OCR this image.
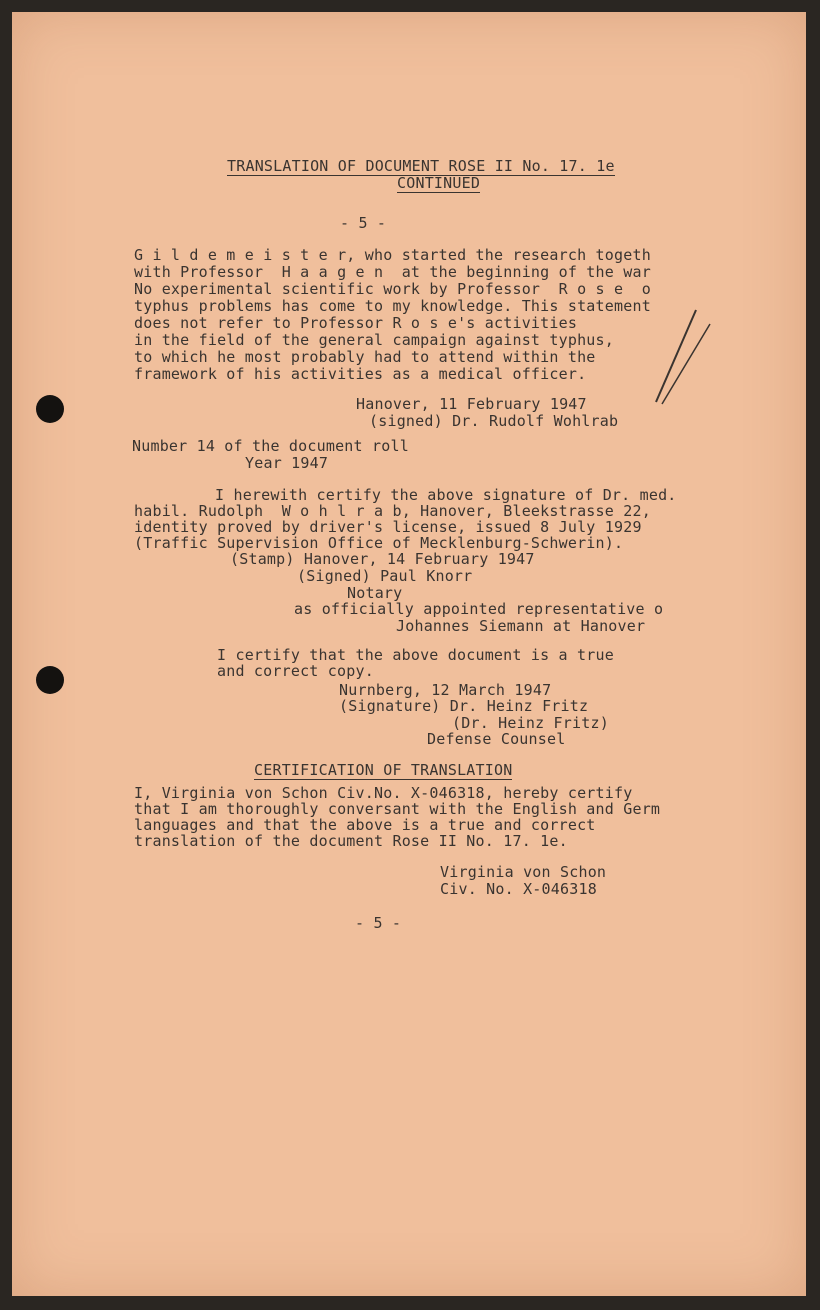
TRANSLATION OF DOCUMENT ROSE II No. 17. 1e
CONTINUED
- 5 -
G i l d e m e i s t e r, who started the research togeth
with Professor  H a a g e n  at the beginning of the war
No experimental scientific work by Professor  R o s e  o
typhus problems has come to my knowledge. This statement
does not refer to Professor R o s e's activities
in the field of the general campaign against typhus,
to which he most probably had to attend within the
framework of his activities as a medical officer.
Hanover, 11 February 1947
(signed) Dr. Rudolf Wohlrab
Number 14 of the document roll
Year 1947
I herewith certify the above signature of Dr. med.
habil. Rudolph  W o h l r a b, Hanover, Bleekstrasse 22,
identity proved by driver's license, issued 8 July 1929
(Traffic Supervision Office of Mecklenburg-Schwerin).
(Stamp) Hanover, 14 February 1947
(Signed) Paul Knorr
Notary
as officially appointed representative o
Johannes Siemann at Hanover
I certify that the above document is a true
and correct copy.
Nurnberg, 12 March 1947
(Signature) Dr. Heinz Fritz
(Dr. Heinz Fritz)
Defense Counsel
CERTIFICATION OF TRANSLATION
I, Virginia von Schon Civ.No. X-046318, hereby certify
that I am thoroughly conversant with the English and Germ
languages and that the above is a true and correct
translation of the document Rose II No. 17. 1e.
Virginia von Schon
Civ. No. X-046318
- 5 -
